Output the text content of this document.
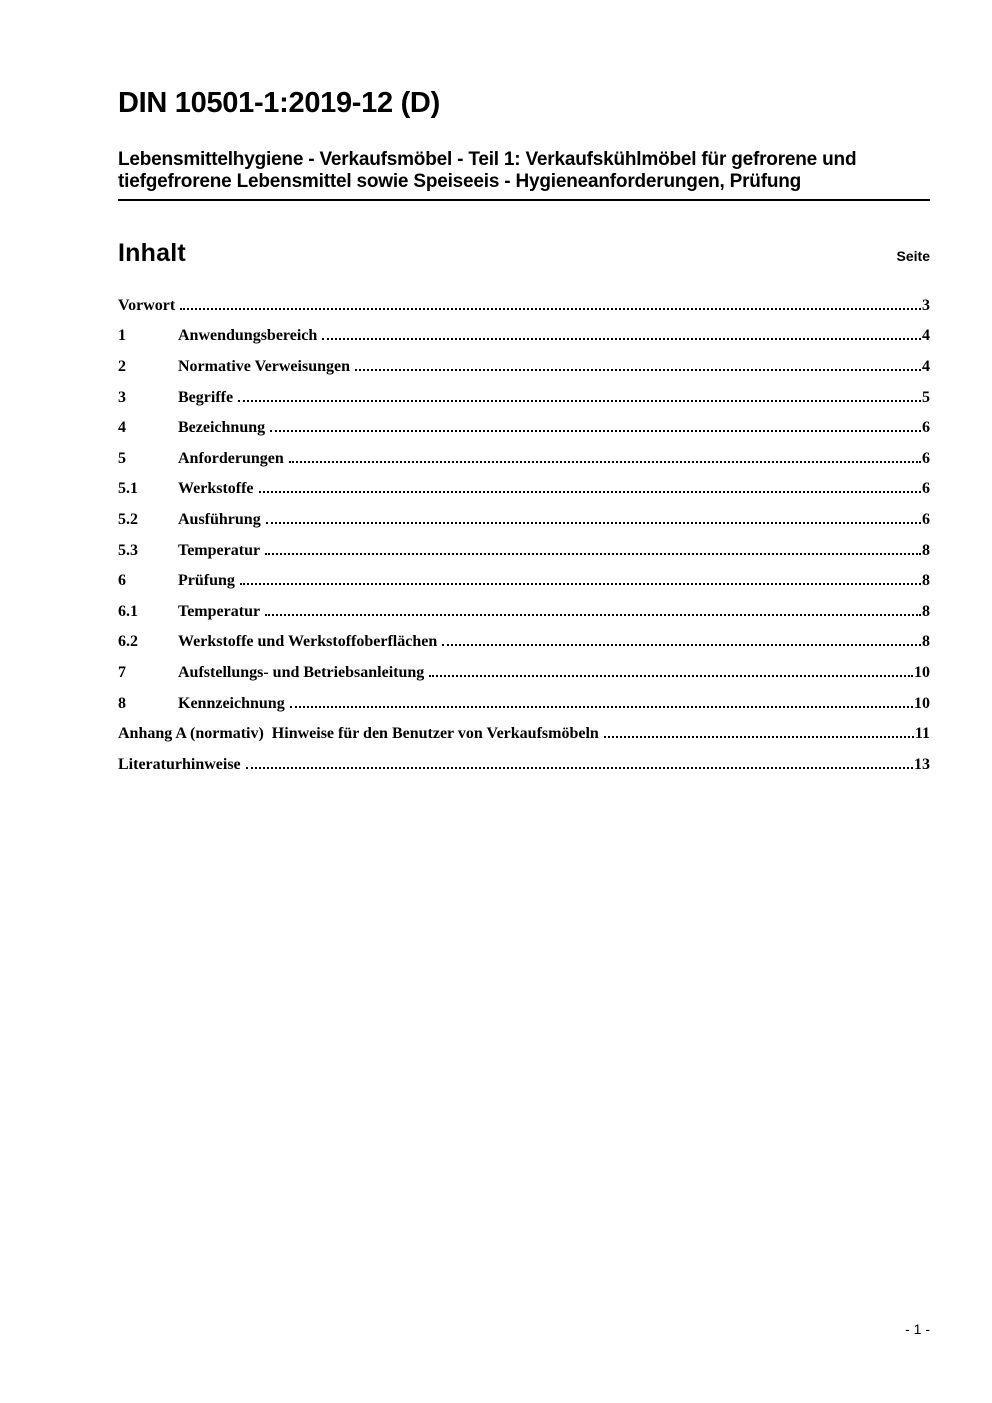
DIN 10501-1:2019-12 (D)
Lebensmittelhygiene - Verkaufsmöbel - Teil 1: Verkaufskühlmöbel für gefrorene und
tiefgefrorene Lebensmittel sowie Speiseeis - Hygieneanforderungen, Prüfung
Inhalt	Seite
Vorwort	3
1	Anwendungsbereich	4
2	Normative Verweisungen	4
3	Begriffe	5
4	Bezeichnung	6
5	Anforderungen	6
5.1	Werkstoffe	6
5.2	Ausführung	6
5.3	Temperatur	8
6	Prüfung	8
6.1	Temperatur	8
6.2	Werkstoffe und Werkstoffoberflächen	8
7	Aufstellungs- und Betriebsanleitung	10
8	Kennzeichnung	10
Anhang A (normativ)  Hinweise für den Benutzer von Verkaufsmöbeln	11
Literaturhinweise	13
- 1 -
